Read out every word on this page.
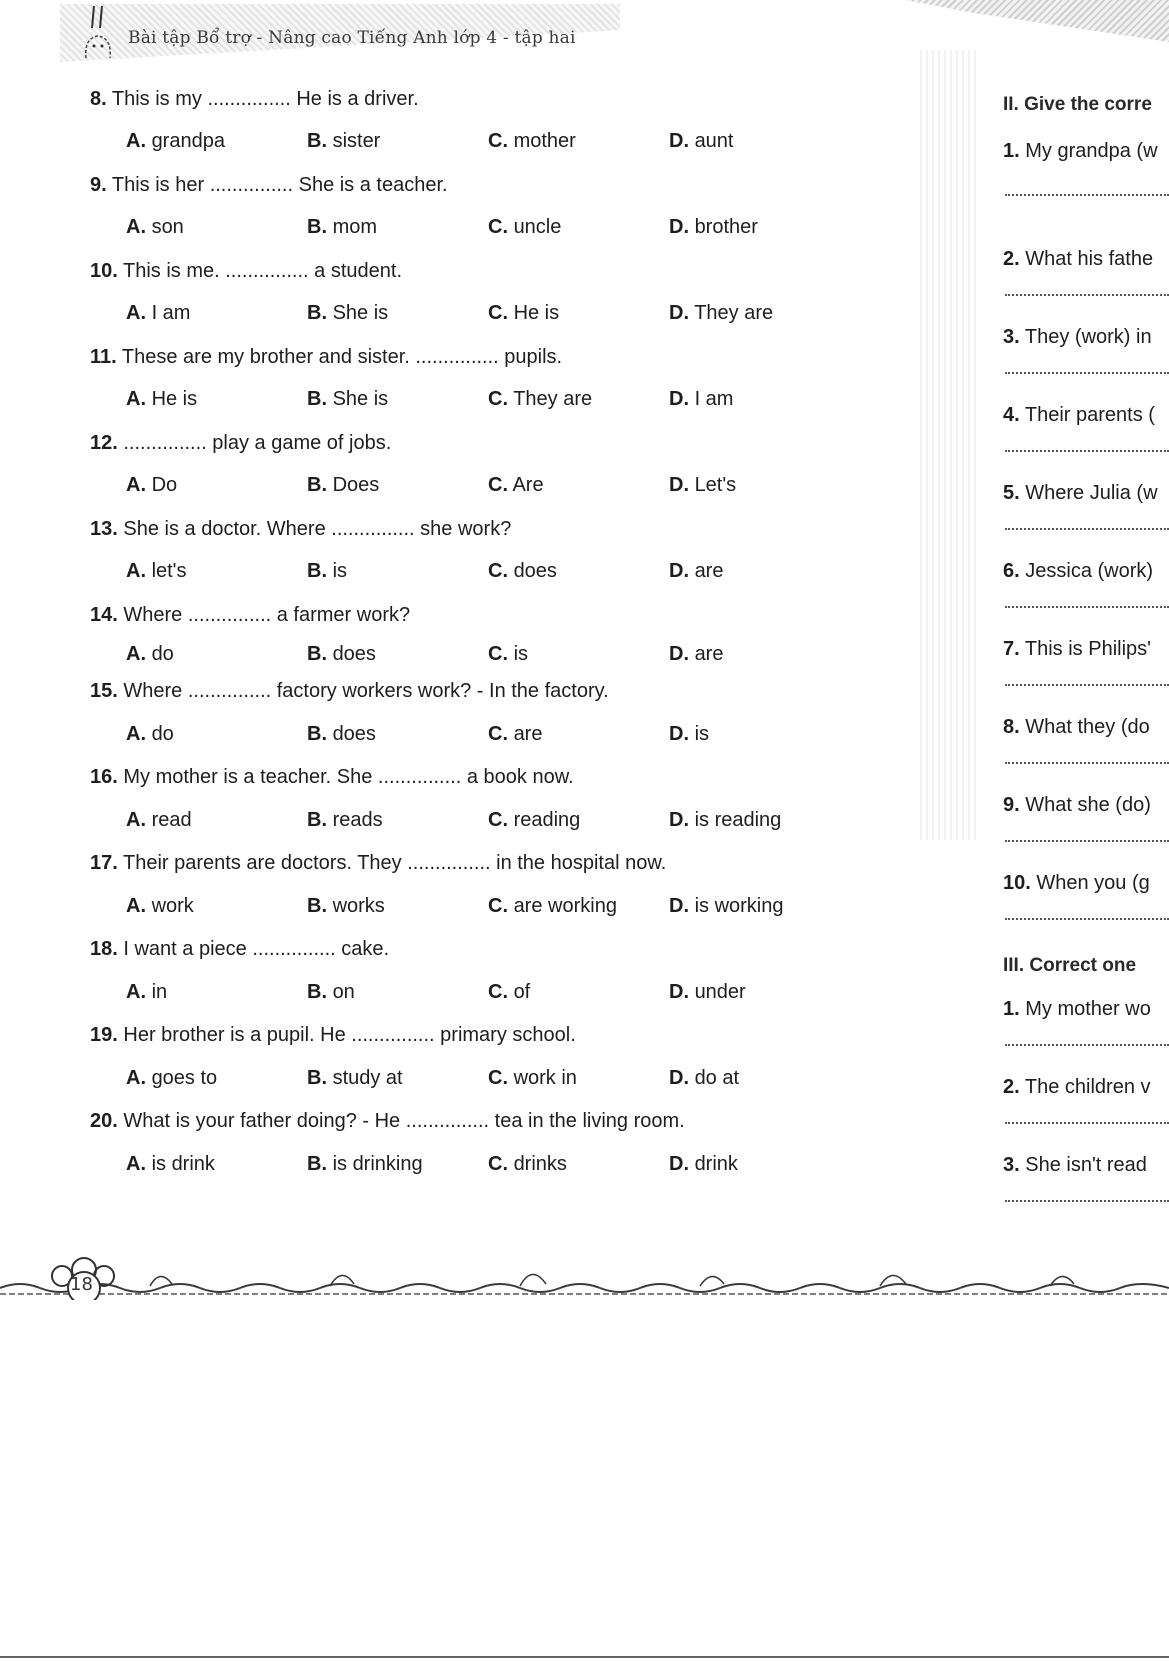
Bài tập Bổ trợ - Nâng cao Tiếng Anh lớp 4 - tập hai
8. This is my ............... He is a driver.
A. grandpa	B. sister	C. mother	D. aunt
9. This is her ............... She is a teacher.
A. son	B. mom	C. uncle	D. brother
10. This is me. ............... a student.
A. I am	B. She is	C. He is	D. They are
11. These are my brother and sister. ............... pupils.
A. He is	B. She is	C. They are	D. I am
12. ............... play a game of jobs.
A. Do	B. Does	C. Are	D. Let's
13. She is a doctor. Where ............... she work?
A. let's	B. is	C. does	D. are
14. Where ............... a farmer work?
A. do	B. does	C. is	D. are
15. Where ............... factory workers work? - In the factory.
A. do	B. does	C. are	D. is
16. My mother is a teacher. She ............... a book now.
A. read	B. reads	C. reading	D. is reading
17. Their parents are doctors. They ............... in the hospital now.
A. work	B. works	C. are working	D. is working
18. I want a piece ............... cake.
A. in	B. on	C. of	D. under
19. Her brother is a pupil. He ............... primary school.
A. goes to	B. study at	C. work in	D. do at
20. What is your father doing? - He ............... tea in the living room.
A. is drink	B. is drinking	C. drinks	D. drink
II. Give the corre
1. My grandpa (w
2. What his fathe
3. They (work) in
4. Their parents (
5. Where Julia (w
6. Jessica (work)
7. This is Philips'
8. What they (do
9. What she (do)
10. When you (g
III. Correct one
1. My mother wo
2. The children v
3. She isn't read
18
